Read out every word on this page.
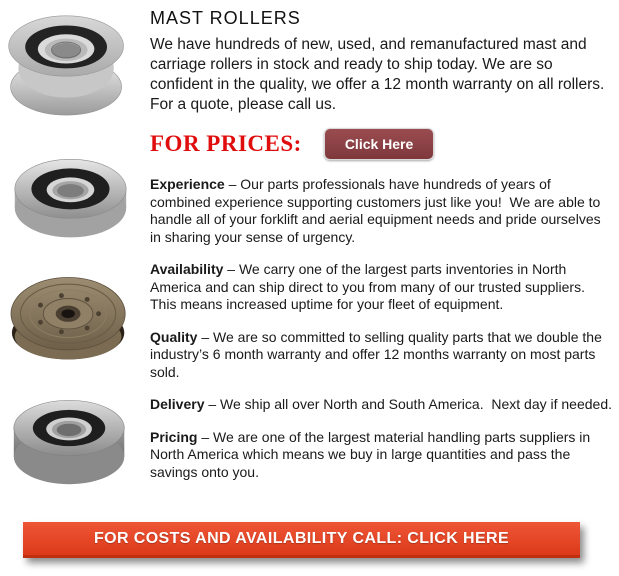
MAST ROLLERS

We have hundreds of new, used, and remanufactured mast and carriage rollers in stock and ready to ship today. We are so confident in the quality, we offer a 12 month warranty on all rollers. For a quote, please call us.

FOR PRICES:	Click Here

Experience – Our parts professionals have hundreds of years of combined experience supporting customers just like you!  We are able to handle all of your forklift and aerial equipment needs and pride ourselves in sharing your sense of urgency.

Availability – We carry one of the largest parts inventories in North America and can ship direct to you from many of our trusted suppliers. This means increased uptime for your fleet of equipment.

Quality – We are so committed to selling quality parts that we double the industry’s 6 month warranty and offer 12 months warranty on most parts sold.

Delivery – We ship all over North and South America.  Next day if needed.

Pricing – We are one of the largest material handling parts suppliers in North America which means we buy in large quantities and pass the savings onto you.

FOR COSTS AND AVAILABILITY CALL: CLICK HERE
